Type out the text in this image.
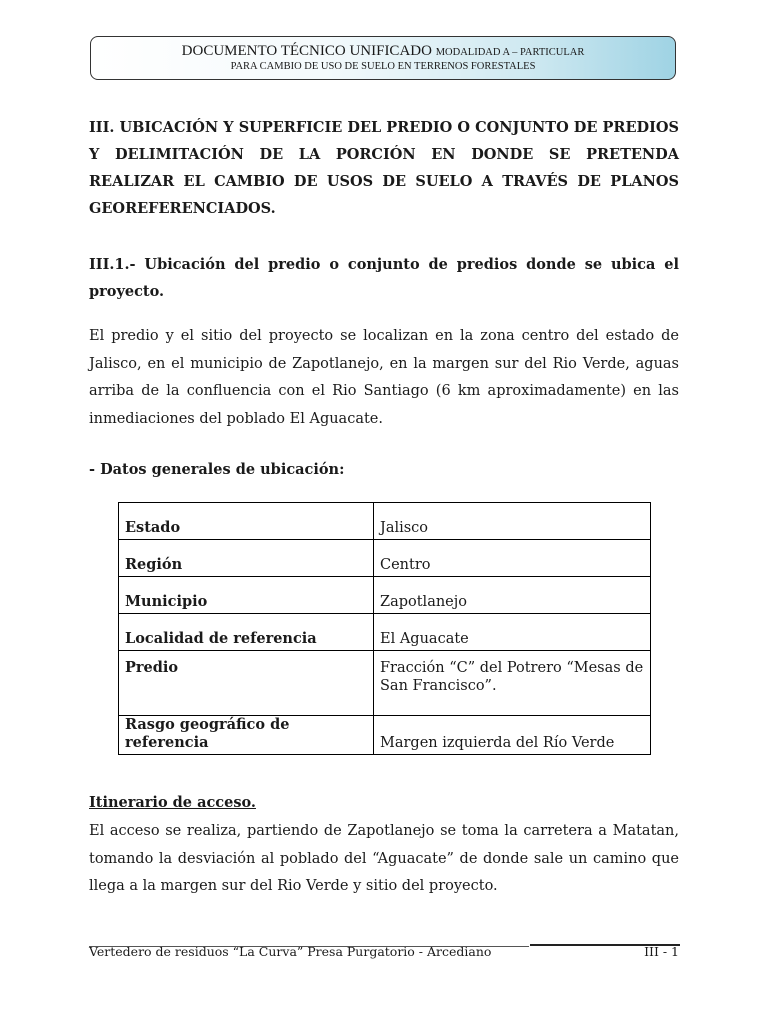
DOCUMENTO TÉCNICO UNIFICADO MODALIDAD A – PARTICULAR
PARA CAMBIO DE USO DE SUELO EN TERRENOS FORESTALES

III. UBICACIÓN Y SUPERFICIE DEL PREDIO O CONJUNTO DE PREDIOS Y DELIMITACIÓN DE LA PORCIÓN EN DONDE SE PRETENDA REALIZAR EL CAMBIO DE USOS DE SUELO A TRAVÉS DE PLANOS GEOREFERENCIADOS.

III.1.- Ubicación del predio o conjunto de predios donde se ubica el proyecto.

El predio y el sitio del proyecto se localizan en la zona centro del estado de Jalisco, en el municipio de Zapotlanejo, en la margen sur del Rio Verde, aguas arriba de la confluencia con el Rio Santiago (6 km aproximadamente) en las inmediaciones del poblado El Aguacate.

- Datos generales de ubicación:

Estado	Jalisco
Región	Centro
Municipio	Zapotlanejo
Localidad de referencia	El Aguacate
Predio	Fracción “C” del Potrero “Mesas de San Francisco”.
Rasgo geográfico de referencia	Margen izquierda del Río Verde

Itinerario de acceso.

El acceso se realiza, partiendo de Zapotlanejo se toma la carretera a Matatan, tomando la desviación al poblado del “Aguacate” de donde sale un camino que llega a la margen sur del Rio Verde y sitio del proyecto.

Vertedero de residuos “La Curva” Presa Purgatorio - Arcediano	III - 1
